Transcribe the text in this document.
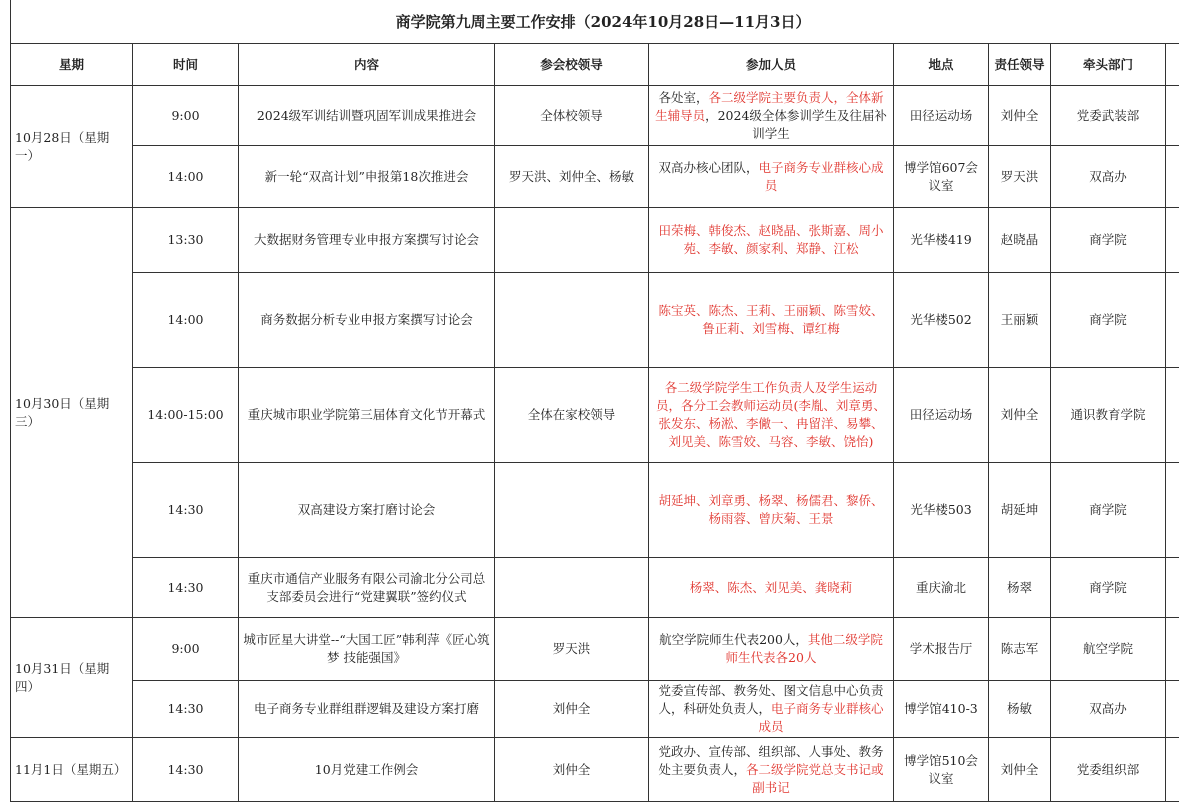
商学院第九周主要工作安排（2024年10月28日—11月3日）								
星期	时间	内容	参会校领导	参加人员	地点	责任领导	牵头部门	
10月28日（星期一）	9:00	2024级军训结训暨巩固军训成果推进会	全体校领导	各处室，各二级学院主要负责人，全体新生辅导员，2024级全体参训学生及往届补训学生	田径运动场	刘仲全	党委武装部	
	14:00	新一轮“双高计划”申报第18次推进会	罗天洪、刘仲全、杨敏	双高办核心团队，电子商务专业群核心成员	博学馆607会议室	罗天洪	双高办	
10月30日（星期三）	13:30	大数据财务管理专业申报方案撰写讨论会		田荣梅、韩俊杰、赵晓晶、张斯嘉、周小苑、李敏、颜家利、郑静、江松	光华楼419	赵晓晶	商学院	
	14:00	商务数据分析专业申报方案撰写讨论会		陈宝英、陈杰、王莉、王丽颖、陈雪姣、鲁正莉、刘雪梅、谭红梅	光华楼502	王丽颖	商学院	
	14:00-15:00	重庆城市职业学院第三届体育文化节开幕式	全体在家校领导	各二级学院学生工作负责人及学生运动员，各分工会教师运动员(李胤、刘章勇、张发东、杨淞、李僘一、冉留洋、易攀、刘见美、陈雪姣、马容、李敏、饶怡)	田径运动场	刘仲全	通识教育学院	
	14:30	双高建设方案打磨讨论会		胡延坤、刘章勇、杨翠、杨儒君、黎侨、杨雨蓉、曾庆菊、王景	光华楼503	胡延坤	商学院	
	14:30	重庆市通信产业服务有限公司渝北分公司总支部委员会进行“党建翼联”签约仪式		杨翠、陈杰、刘见美、龚晓莉	重庆渝北	杨翠	商学院	
10月31日（星期四）	9:00	城市匠星大讲堂--“大国工匠”韩利萍《匠心筑梦 技能强国》	罗天洪	航空学院师生代表200人，其他二级学院师生代表各20人	学术报告厅	陈志军	航空学院	
	14:30	电子商务专业群组群逻辑及建设方案打磨	刘仲全	党委宣传部、教务处、图文信息中心负责人，科研处负责人，电子商务专业群核心成员	博学馆410-3	杨敏	双高办	
11月1日（星期五）	14:30	10月党建工作例会	刘仲全	党政办、宣传部、组织部、人事处、教务处主要负责人，各二级学院党总支书记或副书记	博学馆510会议室	刘仲全	党委组织部	
